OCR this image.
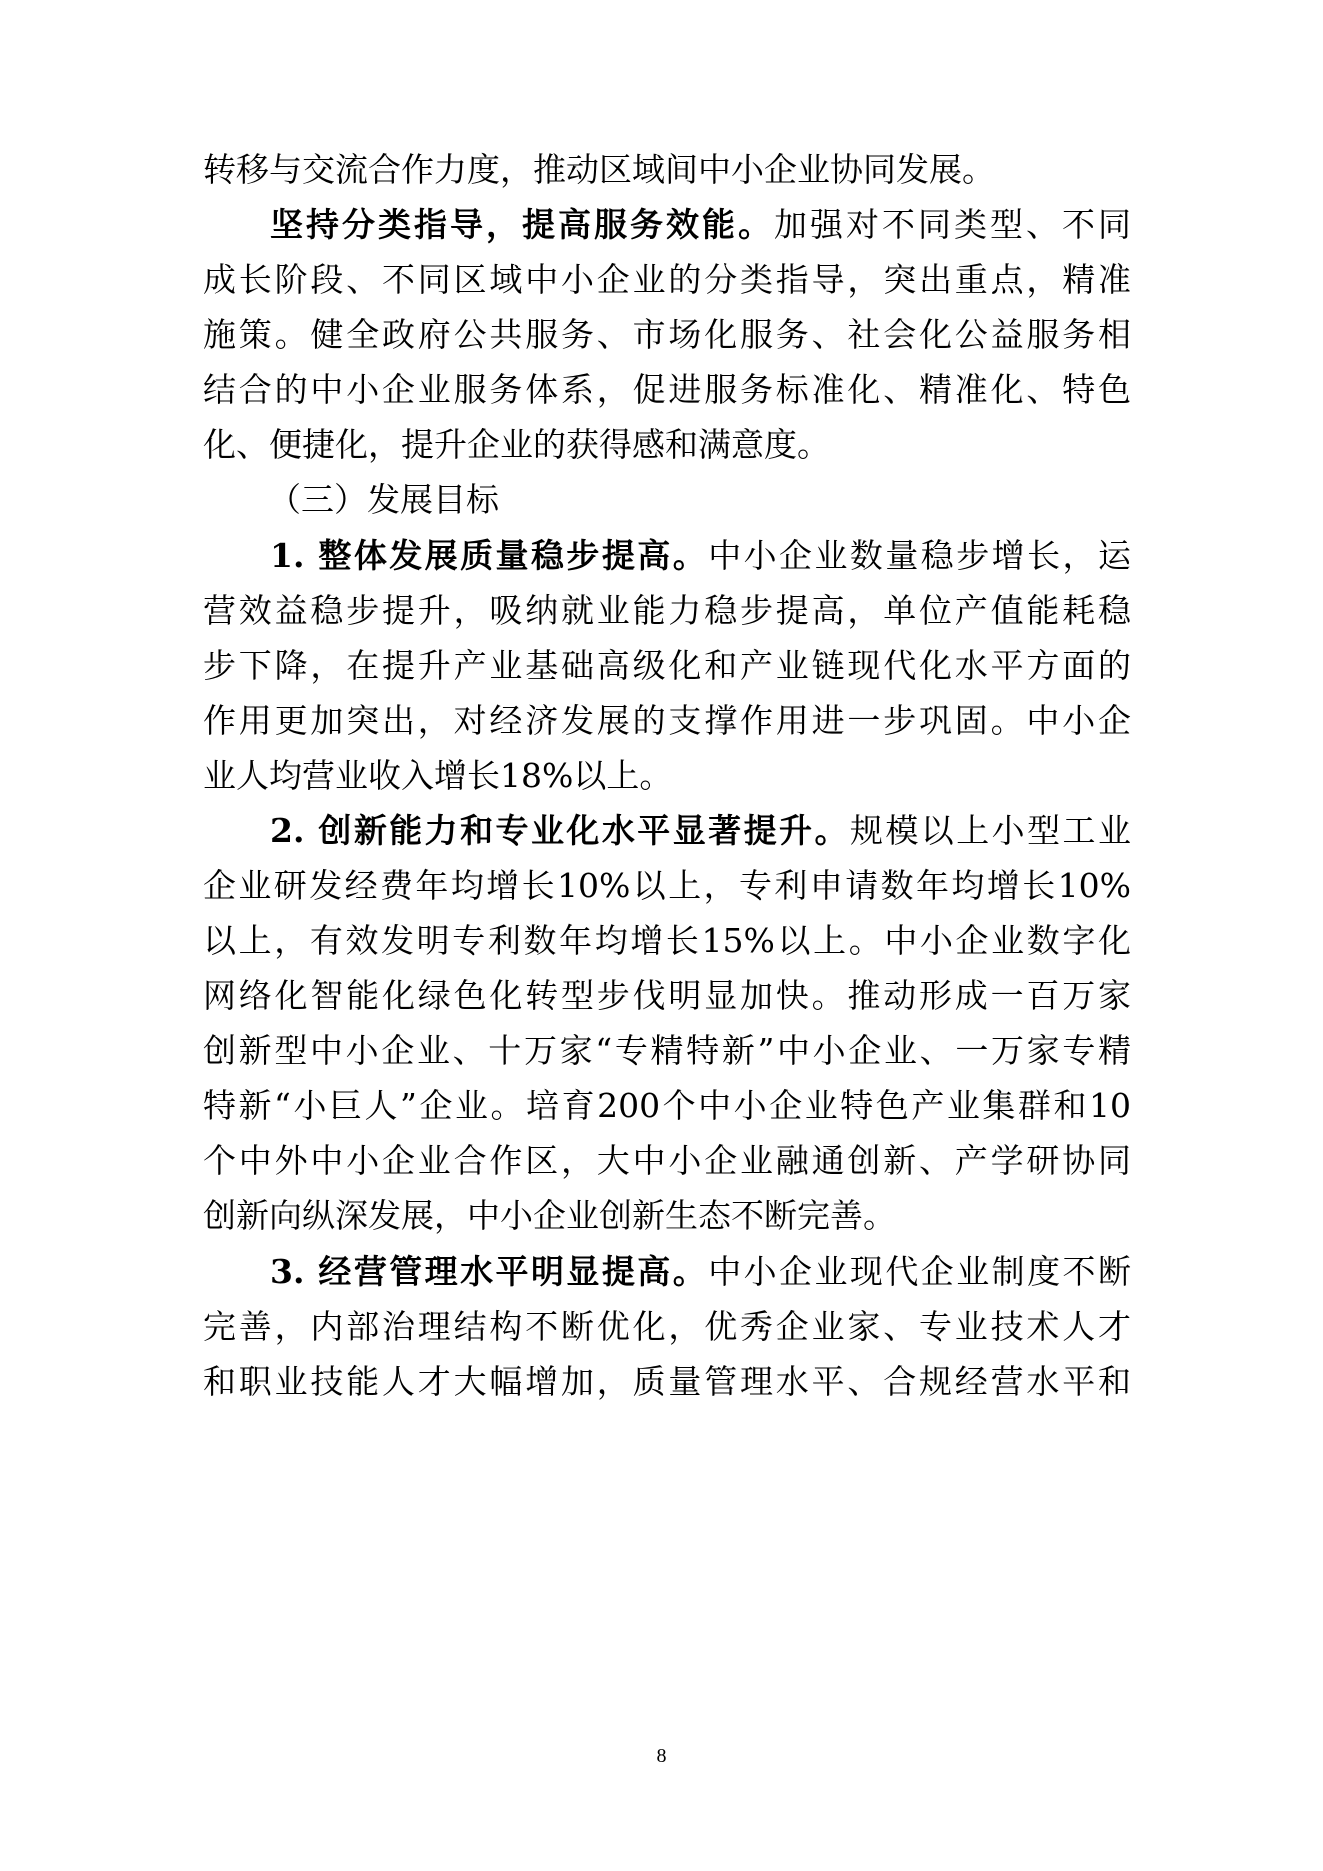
转移与交流合作力度，推动区域间中小企业协同发展。
坚持分类指导，提高服务效能。加强对不同类型、不同
成长阶段、不同区域中小企业的分类指导，突出重点，精准
施策。健全政府公共服务、市场化服务、社会化公益服务相
结合的中小企业服务体系，促进服务标准化、精准化、特色
化、便捷化，提升企业的获得感和满意度。
（三）发展目标
1. 整体发展质量稳步提高。中小企业数量稳步增长，运
营效益稳步提升，吸纳就业能力稳步提高，单位产值能耗稳
步下降，在提升产业基础高级化和产业链现代化水平方面的
作用更加突出，对经济发展的支撑作用进一步巩固。中小企
业人均营业收入增长18%以上。
2. 创新能力和专业化水平显著提升。规模以上小型工业
企业研发经费年均增长10%以上，专利申请数年均增长10%
以上，有效发明专利数年均增长15%以上。中小企业数字化
网络化智能化绿色化转型步伐明显加快。推动形成一百万家
创新型中小企业、十万家“专精特新”中小企业、一万家专精
特新“小巨人”企业。培育200个中小企业特色产业集群和10
个中外中小企业合作区，大中小企业融通创新、产学研协同
创新向纵深发展，中小企业创新生态不断完善。
3. 经营管理水平明显提高。中小企业现代企业制度不断
完善，内部治理结构不断优化，优秀企业家、专业技术人才
和职业技能人才大幅增加，质量管理水平、合规经营水平和
8
